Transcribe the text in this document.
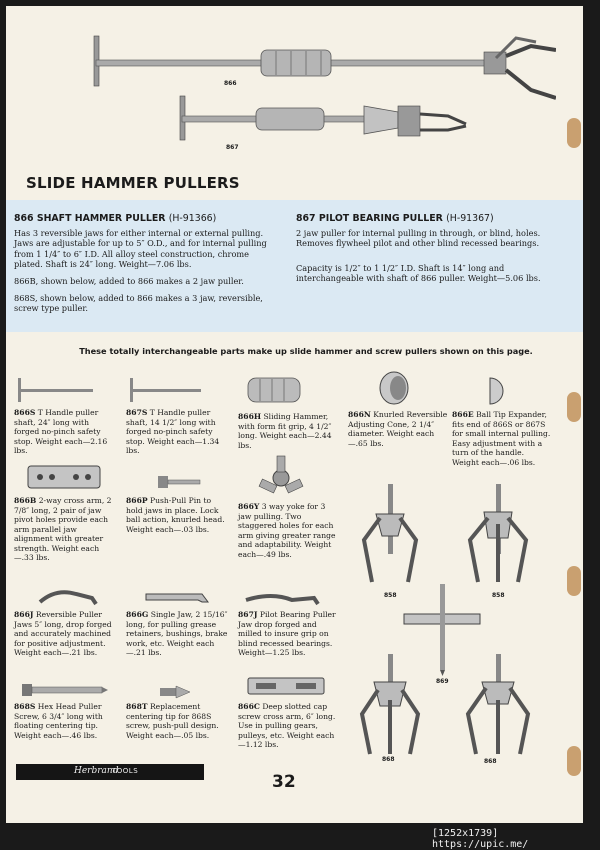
866
867
SLIDE HAMMER PULLERS
866 SHAFT HAMMER PULLER (H-91366)

Has 3 reversible jaws for either internal or external pulling. Jaws are adjustable for up to 5″ O.D., and for internal pulling from 1 1/4″ to 6″ I.D. All alloy steel construction, chrome plated. Shaft is 24″ long. Weight—7.06 lbs.

866B, shown below, added to 866 makes a 2 jaw puller.

868S, shown below, added to 866 makes a 3 jaw, reversible, screw type puller.

867 PILOT BEARING PULLER (H-91367)

2 jaw puller for internal pulling in through, or blind, holes. Removes flywheel pilot and other blind recessed bearings.

Capacity is 1/2″ to 1 1/2″ I.D. Shaft is 14″ long and interchangeable with shaft of 866 puller. Weight—5.06 lbs.

These totally interchangeable parts make up slide hammer and screw pullers shown on this page.
866S T Handle puller shaft, 24″ long with forged no-pinch safety stop. Weight each—2.16 lbs.
867S T Handle puller shaft, 14 1/2″ long with forged no-pinch safety stop. Weight each—1.34 lbs.
866H Sliding Hammer, with form fit grip, 4 1/2″ long. Weight each—2.44 lbs.
866N Knurled Reversible Adjusting Cone, 2 1/4″ diameter. Weight each—.65 lbs.
866E Ball Tip Expander, fits end of 866S or 867S for small internal pulling. Easy adjustment with a turn of the handle. Weight each—.06 lbs.
866B 2-way cross arm, 2 7/8″ long, 2 pair of jaw pivot holes provide each arm parallel jaw alignment with greater strength. Weight each—.33 lbs.
866P Push-Pull Pin to hold jaws in place. Lock ball action, knurled head. Weight each—.03 lbs.
866Y 3 way yoke for 3 jaw pulling. Two staggered holes for each arm giving greater range and adaptability. Weight each—.49 lbs.
866J Reversible Puller Jaws 5″ long, drop forged and accurately machined for positive adjustment. Weight each—.21 lbs.
866G Single Jaw, 2 15/16″ long, for pulling grease retainers, bushings, brake work, etc. Weight each—.21 lbs.
867J Pilot Bearing Puller Jaw drop forged and milled to insure grip on blind recessed bearings. Weight—1.25 lbs.
868S Hex Head Puller Screw, 6 3/4″ long with floating centering tip. Weight each—.46 lbs.
868T Replacement centering tip for 868S screw, push-pull design. Weight each—.05 lbs.
866C Deep slotted cap screw cross arm, 6″ long. Use in pulling gears, pulleys, etc. Weight each—1.12 lbs.
858	858
869
868	868
Herbrand
TOOLS
32
[1252x1739] https://upic.me/
